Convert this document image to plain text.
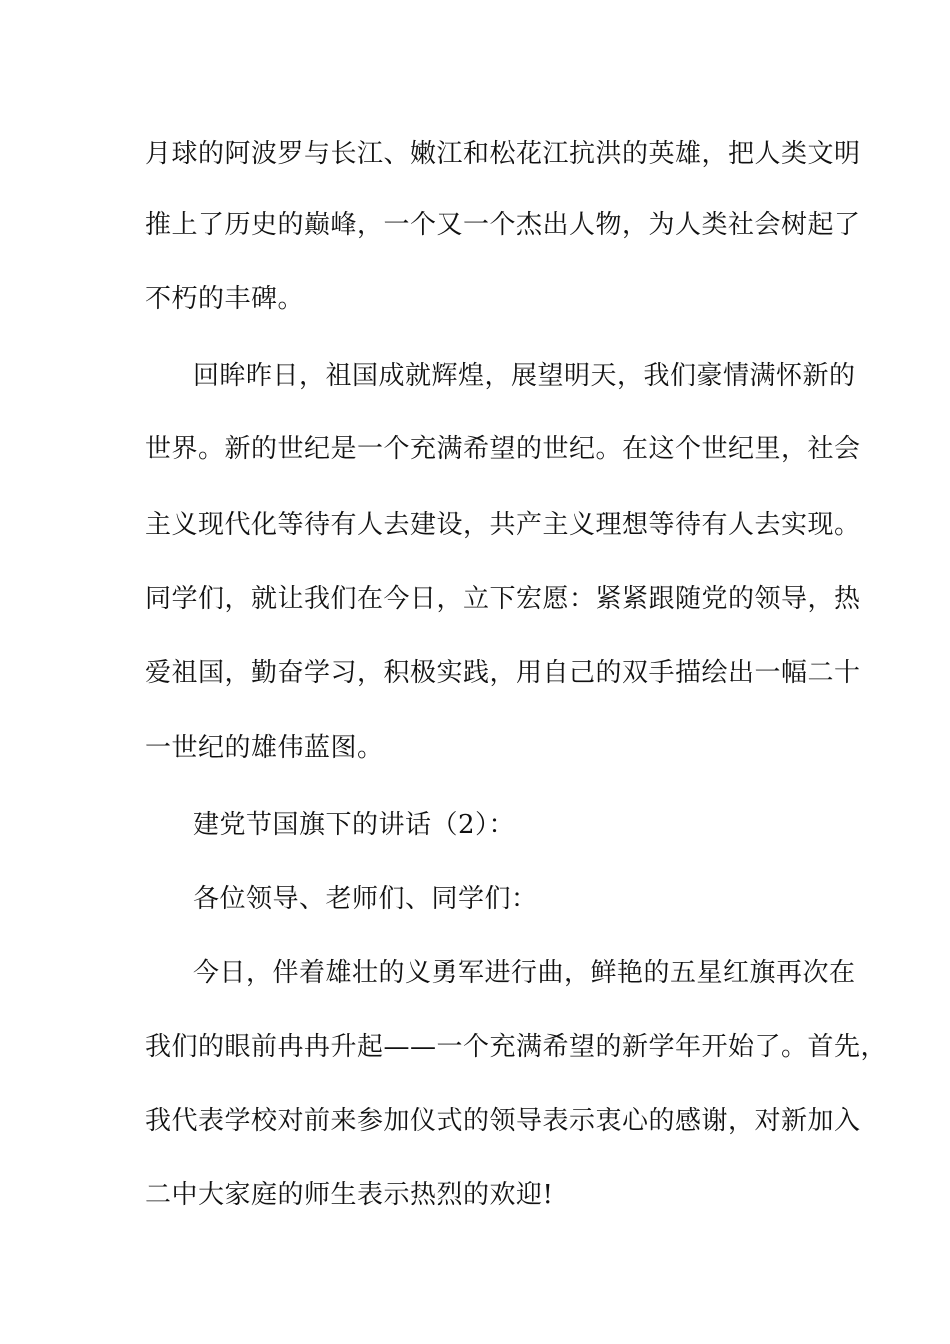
月球的阿波罗与长江、嫩江和松花江抗洪的英雄，把人类文明
推上了历史的巅峰，一个又一个杰出人物，为人类社会树起了
不朽的丰碑。
回眸昨日，祖国成就辉煌，展望明天，我们豪情满怀新的
世界。新的世纪是一个充满希望的世纪。在这个世纪里，社会
主义现代化等待有人去建设，共产主义理想等待有人去实现。
同学们，就让我们在今日，立下宏愿：紧紧跟随党的领导，热
爱祖国，勤奋学习，积极实践，用自己的双手描绘出一幅二十
一世纪的雄伟蓝图。
建党节国旗下的讲话（2）：
各位领导、老师们、同学们：
今日，伴着雄壮的义勇军进行曲，鲜艳的五星红旗再次在
我们的眼前冉冉升起——一个充满希望的新学年开始了。首先，
我代表学校对前来参加仪式的领导表示衷心的感谢，对新加入
二中大家庭的师生表示热烈的欢迎!
